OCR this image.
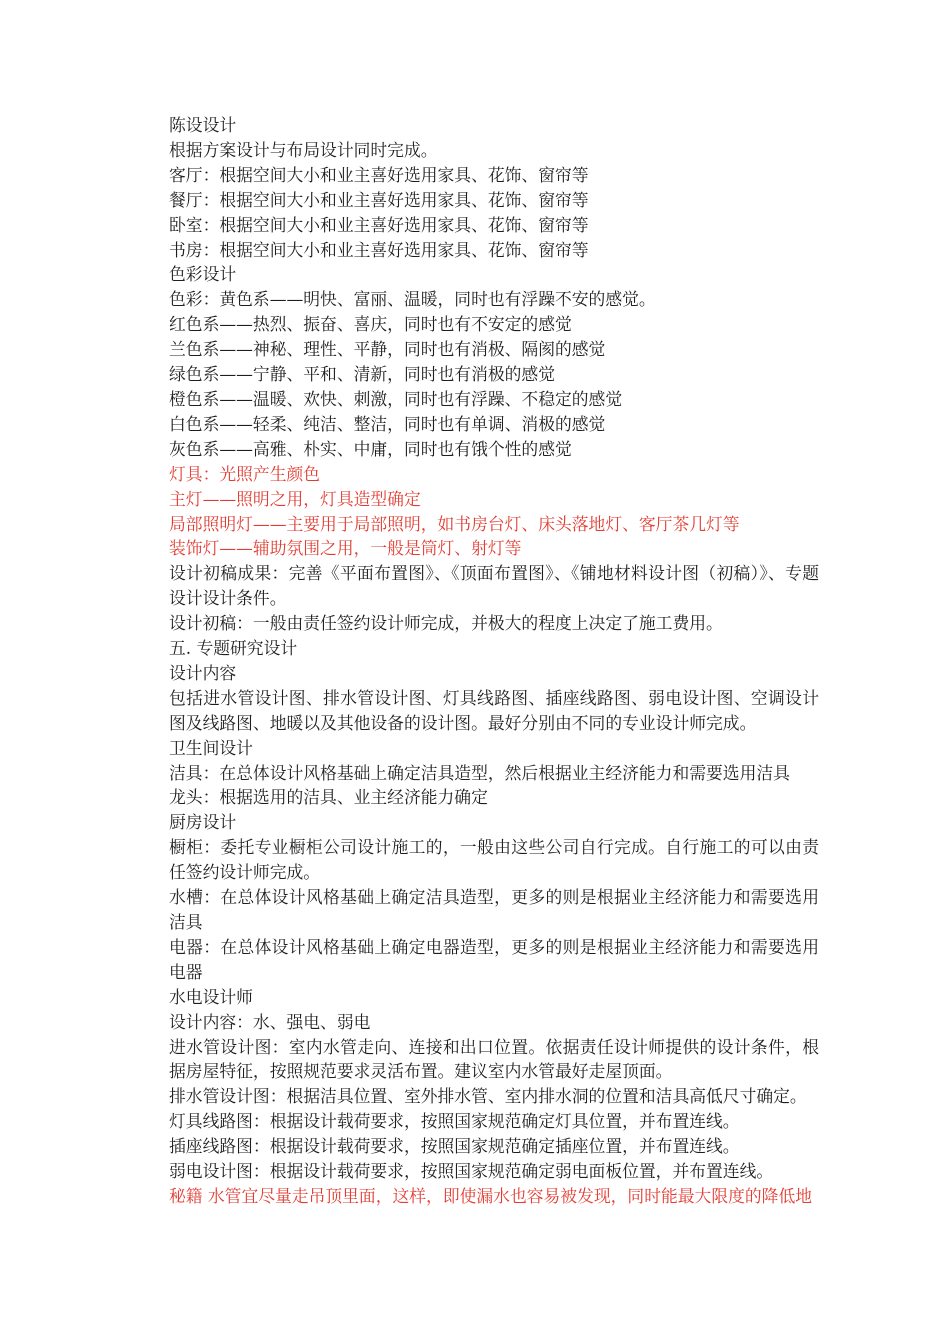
陈设设计

根据方案设计与布局设计同时完成。

客厅：根据空间大小和业主喜好选用家具、花饰、窗帘等

餐厅：根据空间大小和业主喜好选用家具、花饰、窗帘等

卧室：根据空间大小和业主喜好选用家具、花饰、窗帘等

书房：根据空间大小和业主喜好选用家具、花饰、窗帘等

色彩设计

色彩：黄色系——明快、富丽、温暖，同时也有浮躁不安的感觉。

红色系——热烈、振奋、喜庆，同时也有不安定的感觉

兰色系——神秘、理性、平静，同时也有消极、隔阂的感觉

绿色系——宁静、平和、清新，同时也有消极的感觉

橙色系——温暖、欢快、刺激，同时也有浮躁、不稳定的感觉

白色系——轻柔、纯洁、整洁，同时也有单调、消极的感觉

灰色系——高雅、朴实、中庸，同时也有饿个性的感觉

灯具：光照产生颜色

主灯——照明之用，灯具造型确定

局部照明灯——主要用于局部照明，如书房台灯、床头落地灯、客厅茶几灯等

装饰灯——辅助氛围之用，一般是筒灯、射灯等

设计初稿成果：完善《平面布置图》、《顶面布置图》、《铺地材料设计图（初稿）》、专题设计设计条件。

设计初稿：一般由责任签约设计师完成，并极大的程度上决定了施工费用。

五. 专题研究设计

设计内容

包括进水管设计图、排水管设计图、灯具线路图、插座线路图、弱电设计图、空调设计图及线路图、地暖以及其他设备的设计图。最好分别由不同的专业设计师完成。

卫生间设计

洁具：在总体设计风格基础上确定洁具造型，然后根据业主经济能力和需要选用洁具

龙头：根据选用的洁具、业主经济能力确定

厨房设计

橱柜：委托专业橱柜公司设计施工的，一般由这些公司自行完成。自行施工的可以由责任签约设计师完成。

水槽：在总体设计风格基础上确定洁具造型，更多的则是根据业主经济能力和需要选用洁具

电器：在总体设计风格基础上确定电器造型，更多的则是根据业主经济能力和需要选用电器

水电设计师

设计内容：水、强电、弱电

进水管设计图：室内水管走向、连接和出口位置。依据责任设计师提供的设计条件，根据房屋特征，按照规范要求灵活布置。建议室内水管最好走屋顶面。

排水管设计图：根据洁具位置、室外排水管、室内排水洞的位置和洁具高低尺寸确定。

灯具线路图：根据设计载荷要求，按照国家规范确定灯具位置，并布置连线。

插座线路图：根据设计载荷要求，按照国家规范确定插座位置，并布置连线。

弱电设计图：根据设计载荷要求，按照国家规范确定弱电面板位置，并布置连线。

秘籍 水管宜尽量走吊顶里面，这样，即使漏水也容易被发现，同时能最大限度的降低地
